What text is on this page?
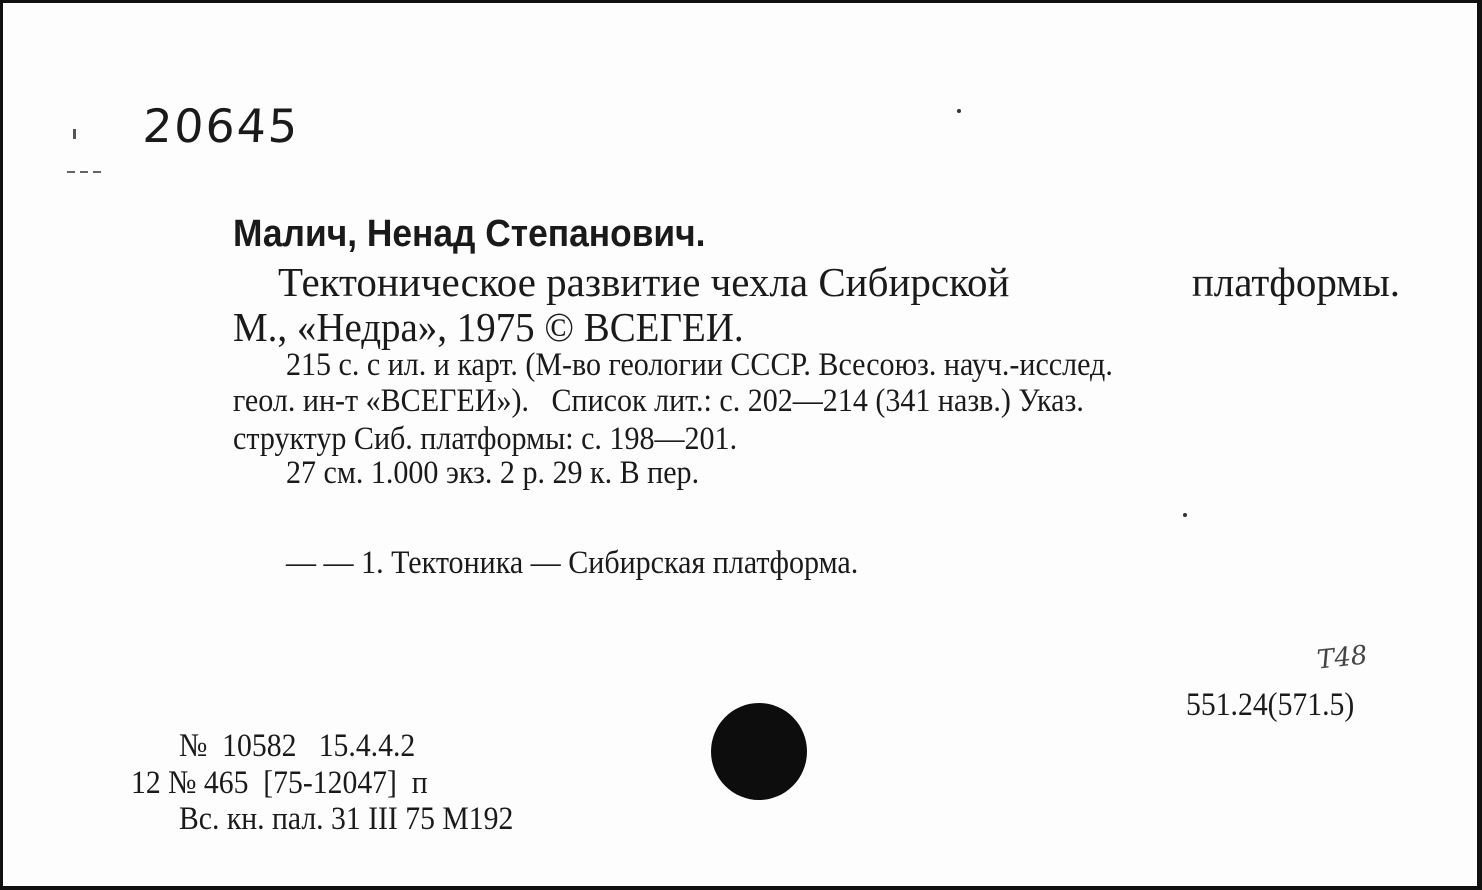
20645
Малич, Ненад Степанович.
Тектоническое развитие чехла Сибирской	платформы.
М., «Недра», 1975 © ВСЕГЕИ.
215 с. с ил. и карт. (М-во геологии СССР. Всесоюз. науч.-исслед.
геол. ин-т «ВСЕГЕИ»).   Список лит.: с. 202—214 (341 назв.) Указ.
структур Сиб. платформы: с. 198—201.
27 см. 1.000 экз. 2 р. 29 к. В пер.
— — 1. Тектоника — Сибирская платформа.
Т48
551.24(571.5)
№  10582   15.4.4.2
12 № 465  [75-12047]  п
Вс. кн. пал. 31 III 75 М192
